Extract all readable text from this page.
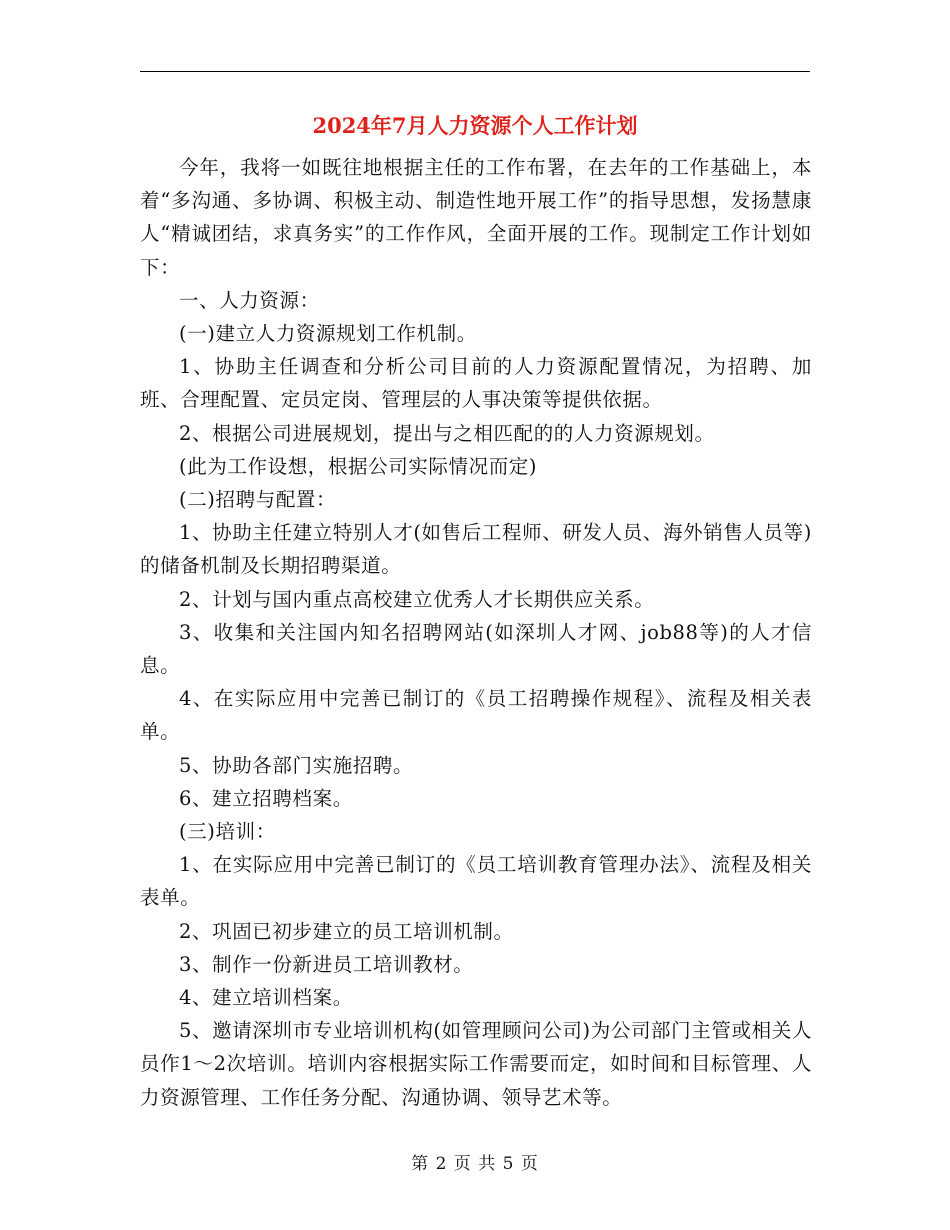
2024年7月人力资源个人工作计划

今年，我将一如既往地根据主任的工作布署，在去年的工作基础上，本着“多沟通、多协调、积极主动、制造性地开展工作”的指导思想，发扬慧康人“精诚团结，求真务实”的工作作风，全面开展的工作。现制定工作计划如下：

一、人力资源：

(一)建立人力资源规划工作机制。

1、协助主任调查和分析公司目前的人力资源配置情况，为招聘、加班、合理配置、定员定岗、管理层的人事决策等提供依据。

2、根据公司进展规划，提出与之相匹配的的人力资源规划。

(此为工作设想，根据公司实际情况而定)

(二)招聘与配置：

1、协助主任建立特别人才(如售后工程师、研发人员、海外销售人员等)的储备机制及长期招聘渠道。

2、计划与国内重点高校建立优秀人才长期供应关系。

3、收集和关注国内知名招聘网站(如深圳人才网、job88等)的人才信息。

4、在实际应用中完善已制订的《员工招聘操作规程》、流程及相关表单。

5、协助各部门实施招聘。

6、建立招聘档案。

(三)培训：

1、在实际应用中完善已制订的《员工培训教育管理办法》、流程及相关表单。

2、巩固已初步建立的员工培训机制。

3、制作一份新进员工培训教材。

4、建立培训档案。

5、邀请深圳市专业培训机构(如管理顾问公司)为公司部门主管或相关人员作1～2次培训。培训内容根据实际工作需要而定，如时间和目标管理、人力资源管理、工作任务分配、沟通协调、领导艺术等。

第 2 页 共 5 页
